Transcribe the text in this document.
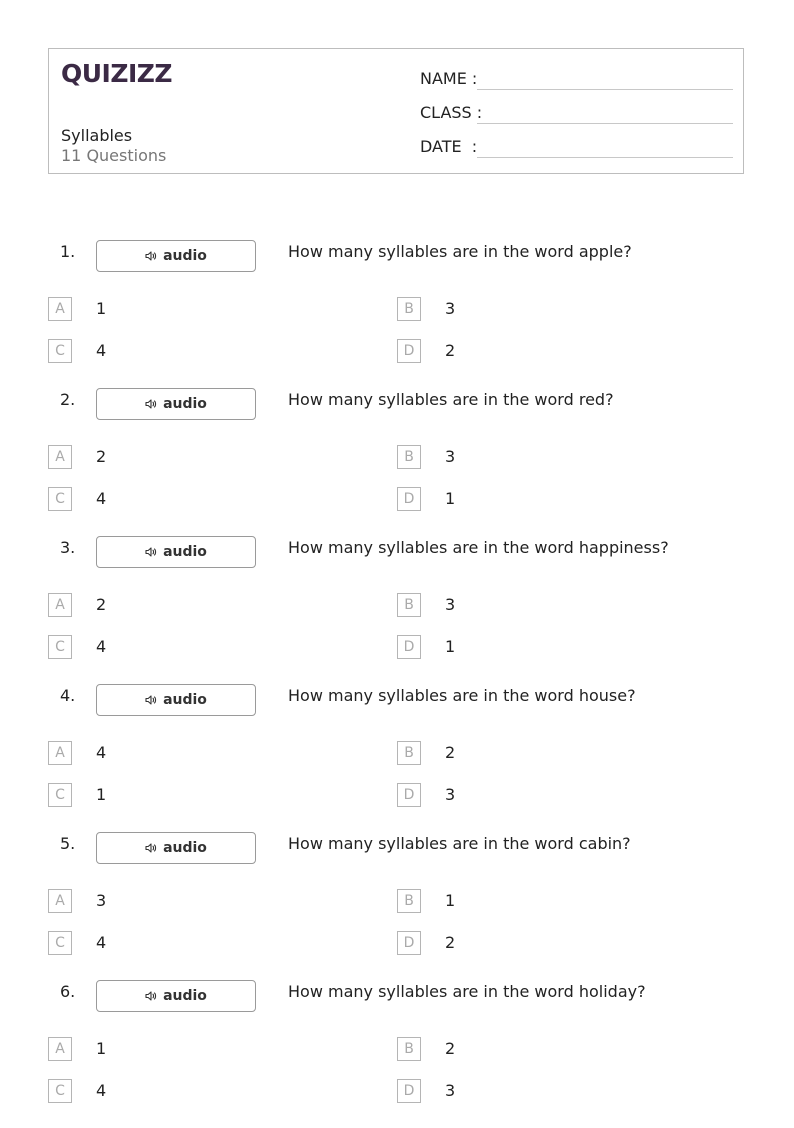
QUIZIZZ
Syllables
11 Questions
NAME :
CLASS :
DATE  :
1.	audio	How many syllables are in the word apple?
A	1	B	3
C	4	D	2
2.	audio	How many syllables are in the word red?
A	2	B	3
C	4	D	1
3.	audio	How many syllables are in the word happiness?
A	2	B	3
C	4	D	1
4.	audio	How many syllables are in the word house?
A	4	B	2
C	1	D	3
5.	audio	How many syllables are in the word cabin?
A	3	B	1
C	4	D	2
6.	audio	How many syllables are in the word holiday?
A	1	B	2
C	4	D	3
